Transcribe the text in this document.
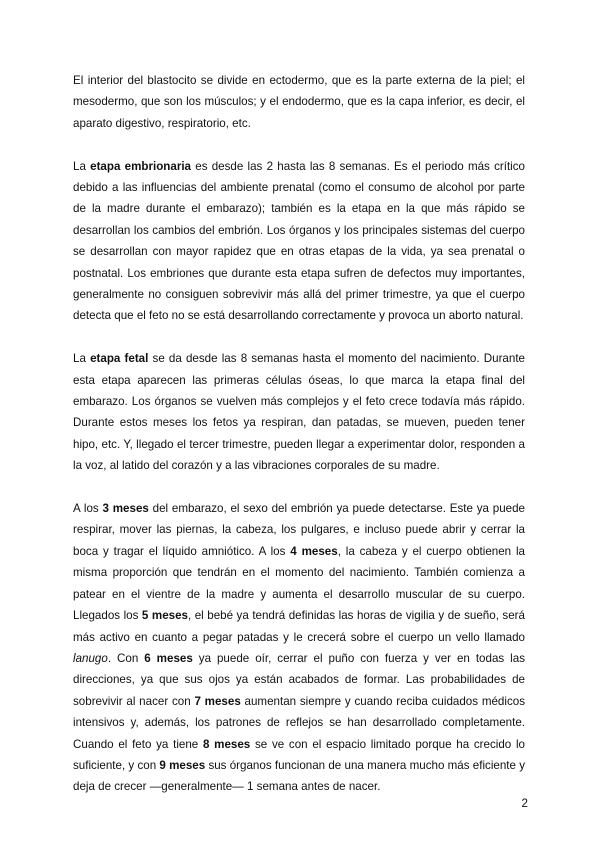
El interior del blastocito se divide en ectodermo, que es la parte externa de la piel; el mesodermo, que son los músculos; y el endodermo, que es la capa inferior, es decir, el aparato digestivo, respiratorio, etc.

La etapa embrionaria es desde las 2 hasta las 8 semanas. Es el periodo más crítico debido a las influencias del ambiente prenatal (como el consumo de alcohol por parte de la madre durante el embarazo); también es la etapa en la que más rápido se desarrollan los cambios del embrión. Los órganos y los principales sistemas del cuerpo se desarrollan con mayor rapidez que en otras etapas de la vida, ya sea prenatal o postnatal. Los embriones que durante esta etapa sufren de defectos muy importantes, generalmente no consiguen sobrevivir más allá del primer trimestre, ya que el cuerpo detecta que el feto no se está desarrollando correctamente y provoca un aborto natural.

La etapa fetal se da desde las 8 semanas hasta el momento del nacimiento. Durante esta etapa aparecen las primeras células óseas, lo que marca la etapa final del embarazo. Los órganos se vuelven más complejos y el feto crece todavía más rápido. Durante estos meses los fetos ya respiran, dan patadas, se mueven, pueden tener hipo, etc. Y, llegado el tercer trimestre, pueden llegar a experimentar dolor, responden a la voz, al latido del corazón y a las vibraciones corporales de su madre.

A los 3 meses del embarazo, el sexo del embrión ya puede detectarse. Este ya puede respirar, mover las piernas, la cabeza, los pulgares, e incluso puede abrir y cerrar la boca y tragar el líquido amniótico. A los 4 meses, la cabeza y el cuerpo obtienen la misma proporción que tendrán en el momento del nacimiento. También comienza a patear en el vientre de la madre y aumenta el desarrollo muscular de su cuerpo. Llegados los 5 meses, el bebé ya tendrá definidas las horas de vigilia y de sueño, será más activo en cuanto a pegar patadas y le crecerá sobre el cuerpo un vello llamado lanugo. Con 6 meses ya puede oír, cerrar el puño con fuerza y ver en todas las direcciones, ya que sus ojos ya están acabados de formar. Las probabilidades de sobrevivir al nacer con 7 meses aumentan siempre y cuando reciba cuidados médicos intensivos y, además, los patrones de reflejos se han desarrollado completamente. Cuando el feto ya tiene 8 meses se ve con el espacio limitado porque ha crecido lo suficiente, y con 9 meses sus órganos funcionan de una manera mucho más eficiente y deja de crecer —generalmente— 1 semana antes de nacer.

2
